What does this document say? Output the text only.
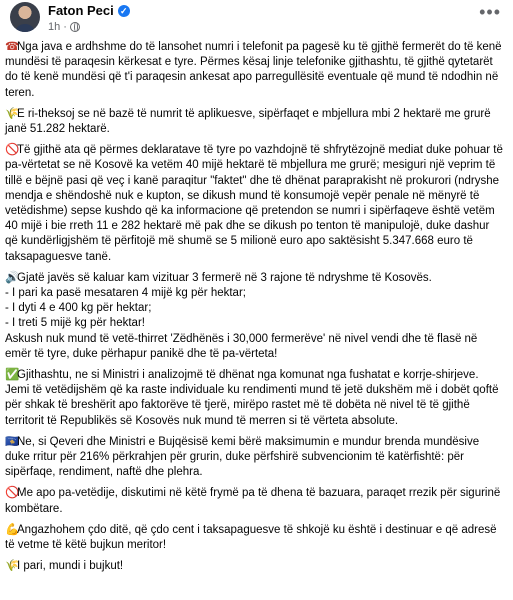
Faton Peci ✓
1h ·
•••

☎Nga java e ardhshme do të lansohet numri i telefonit pa pagesë ku të gjithë fermerët do të kenë mundësi të paraqesin kërkesat e tyre. Përmes kësaj linje telefonike gjithashtu, të gjithë qytetarët do të kenë mundësi që t'i paraqesin ankesat apo parregullësitë eventuale që mund të ndodhin në teren.

🌾E ri-theksoj se në bazë të numrit të aplikuesve, sipërfaqet e mbjellura mbi 2 hektarë me grurë janë 51.282 hektarë.

🚫Të gjithë ata që përmes deklaratave të tyre po vazhdojnë të shfrytëzojnë mediat duke pohuar të pa-vërtetat se në Kosovë ka vetëm 40 mijë hektarë të mbjellura me grurë; mesiguri një veprim të tillë e bëjnë pasi që veç i kanë paraqitur "faktet" dhe të dhënat paraprakisht në prokurori (ndryshe mendja e shëndoshë nuk e kupton, se dikush mund të konsumojë vepër penale në mënyrë të vetëdishme) sepse kushdo që ka informacione që pretendon se numri i sipërfaqeve është vetëm 40 mijë i bie rreth 11 e 282 hektarë më pak dhe se dikush po tenton të manipulojë, duke dashur që kundërligjshëm të përfitojë më shumë se 5 milionë euro apo saktësisht 5.347.668 euro të taksapaguesve tanë.

🔊Gjatë javës së kaluar kam vizituar 3 fermerë në 3 rajone të ndryshme të Kosovës.
- I pari ka pasë mesataren 4 mijë kg për hektar;
- I dyti 4 e 400 kg për hektar;
- I treti 5 mijë kg për hektar!
Askush nuk mund të vetë-thirret 'Zëdhënës i 30,000 fermerëve' në nivel vendi dhe të flasë në emër të tyre, duke përhapur panikë dhe të pa-vërteta!

✅Gjithashtu, ne si Ministri i analizojmë të dhënat nga komunat nga fushatat e korrje-shirjeve. Jemi të vetëdijshëm që ka raste individuale ku rendimenti mund të jetë dukshëm më i dobët qoftë për shkak të breshërit apo faktorëve të tjerë, mirëpo rastet më të dobëta në nivel të të gjithë territorit të Republikës së Kosovës nuk mund të merren si të vërteta absolute.

🇽🇰Ne, si Qeveri dhe Ministri e Bujqësisë kemi bërë maksimumin e mundur brenda mundësive duke rritur për 216% përkrahjen për grurin, duke përfshirë subvencionim të katërfishtë: për sipërfaqe, rendiment, naftë dhe plehra.

🚫Me apo pa-vetëdije, diskutimi në këtë frymë pa të dhena të bazuara, paraqet rrezik për sigurinë kombëtare.

💪Angazhohem çdo ditë, që çdo cent i taksapaguesve të shkojë ku është i destinuar e që adresë të vetme të këtë bujkun meritor!

🌾I pari, mundi i bujkut!
